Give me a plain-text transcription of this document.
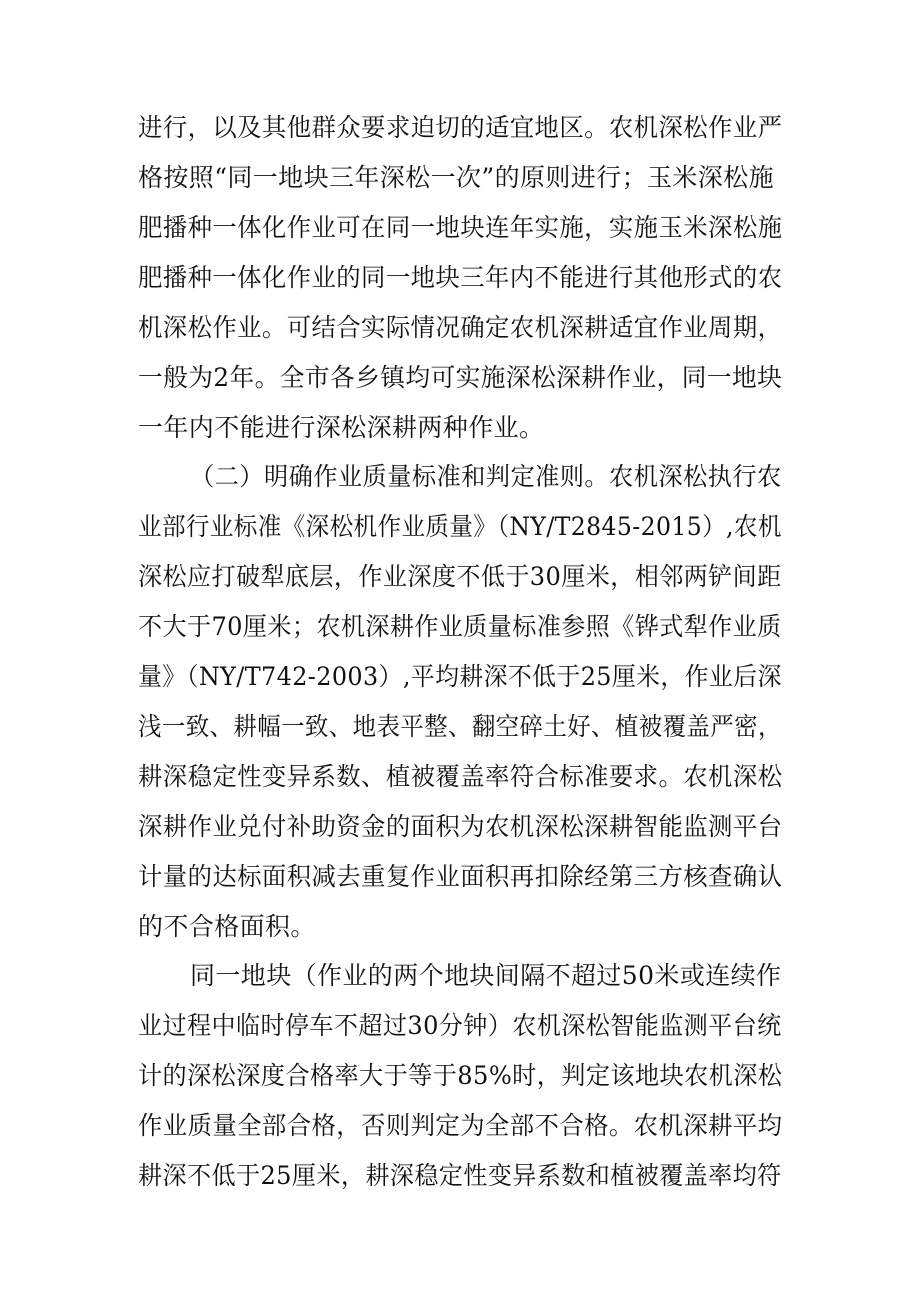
进行，以及其他群众要求迫切的适宜地区。农机深松作业严
格按照“同一地块三年深松一次”的原则进行；玉米深松施
肥播种一体化作业可在同一地块连年实施，实施玉米深松施
肥播种一体化作业的同一地块三年内不能进行其他形式的农
机深松作业。可结合实际情况确定农机深耕适宜作业周期，
一般为2年。全市各乡镇均可实施深松深耕作业，同一地块
一年内不能进行深松深耕两种作业。
（二）明确作业质量标准和判定准则。农机深松执行农
业部行业标准《深松机作业质量》（NY/T2845-2015）,农机
深松应打破犁底层，作业深度不低于30厘米，相邻两铲间距
不大于70厘米；农机深耕作业质量标准参照《铧式犁作业质
量》（NY/T742-2003）,平均耕深不低于25厘米，作业后深
浅一致、耕幅一致、地表平整、翻空碎土好、植被覆盖严密，
耕深稳定性变异系数、植被覆盖率符合标准要求。农机深松
深耕作业兑付补助资金的面积为农机深松深耕智能监测平台
计量的达标面积减去重复作业面积再扣除经第三方核查确认
的不合格面积。
同一地块（作业的两个地块间隔不超过50米或连续作
业过程中临时停车不超过30分钟）农机深松智能监测平台统
计的深松深度合格率大于等于85%时，判定该地块农机深松
作业质量全部合格，否则判定为全部不合格。农机深耕平均
耕深不低于25厘米，耕深稳定性变异系数和植被覆盖率均符
